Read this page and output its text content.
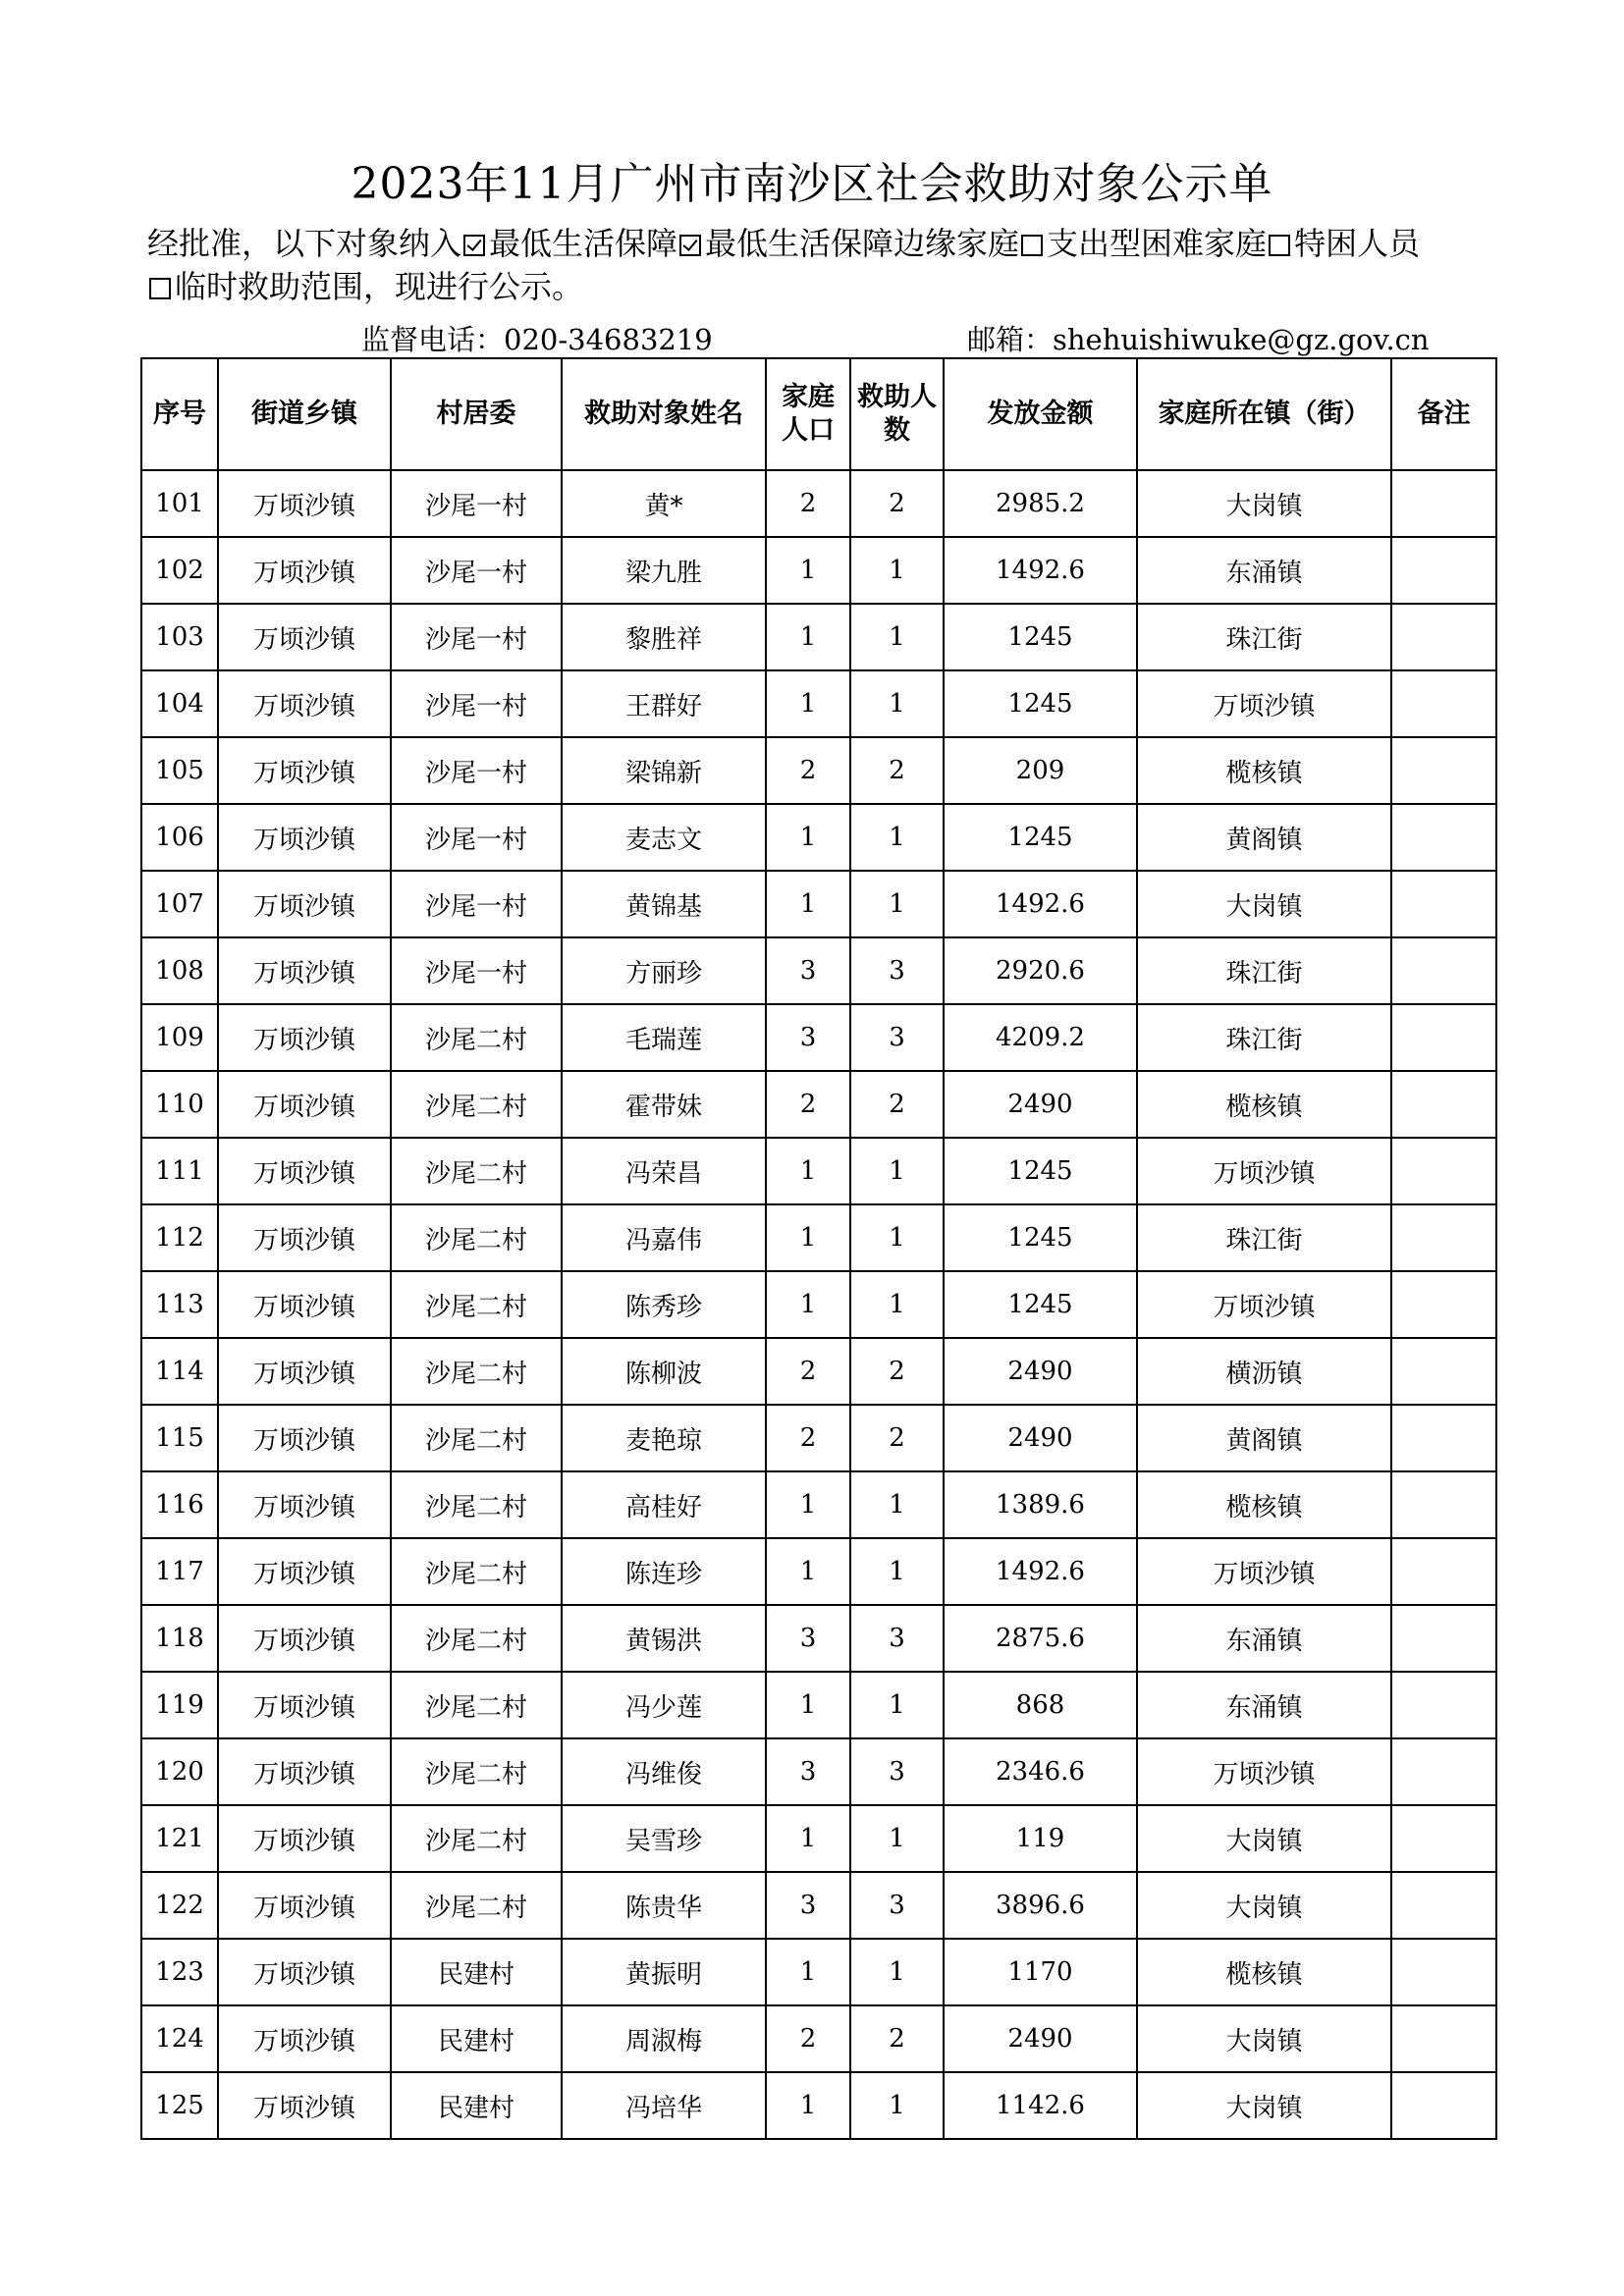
2023年11月广州市南沙区社会救助对象公示单
经批准，以下对象纳入 最低生活保障 最低生活保障边缘家庭 支出型困难家庭 特困人员
临时救助范围，现进行公示。
监督电话：020-34683219	邮箱：shehuishiwuke@gz.gov.cn
序号	街道乡镇	村居委	救助对象姓名	家庭人口	救助人数	发放金额	家庭所在镇（街）	备注
101	万顷沙镇	沙尾一村	黄*	2	2	2985.2	大岗镇	
102	万顷沙镇	沙尾一村	梁九胜	1	1	1492.6	东涌镇	
103	万顷沙镇	沙尾一村	黎胜祥	1	1	1245	珠江街	
104	万顷沙镇	沙尾一村	王群好	1	1	1245	万顷沙镇	
105	万顷沙镇	沙尾一村	梁锦新	2	2	209	榄核镇	
106	万顷沙镇	沙尾一村	麦志文	1	1	1245	黄阁镇	
107	万顷沙镇	沙尾一村	黄锦基	1	1	1492.6	大岗镇	
108	万顷沙镇	沙尾一村	方丽珍	3	3	2920.6	珠江街	
109	万顷沙镇	沙尾二村	毛瑞莲	3	3	4209.2	珠江街	
110	万顷沙镇	沙尾二村	霍带妹	2	2	2490	榄核镇	
111	万顷沙镇	沙尾二村	冯荣昌	1	1	1245	万顷沙镇	
112	万顷沙镇	沙尾二村	冯嘉伟	1	1	1245	珠江街	
113	万顷沙镇	沙尾二村	陈秀珍	1	1	1245	万顷沙镇	
114	万顷沙镇	沙尾二村	陈柳波	2	2	2490	横沥镇	
115	万顷沙镇	沙尾二村	麦艳琼	2	2	2490	黄阁镇	
116	万顷沙镇	沙尾二村	高桂好	1	1	1389.6	榄核镇	
117	万顷沙镇	沙尾二村	陈连珍	1	1	1492.6	万顷沙镇	
118	万顷沙镇	沙尾二村	黄锡洪	3	3	2875.6	东涌镇	
119	万顷沙镇	沙尾二村	冯少莲	1	1	868	东涌镇	
120	万顷沙镇	沙尾二村	冯维俊	3	3	2346.6	万顷沙镇	
121	万顷沙镇	沙尾二村	吴雪珍	1	1	119	大岗镇	
122	万顷沙镇	沙尾二村	陈贵华	3	3	3896.6	大岗镇	
123	万顷沙镇	民建村	黄振明	1	1	1170	榄核镇	
124	万顷沙镇	民建村	周淑梅	2	2	2490	大岗镇	
125	万顷沙镇	民建村	冯培华	1	1	1142.6	大岗镇	
